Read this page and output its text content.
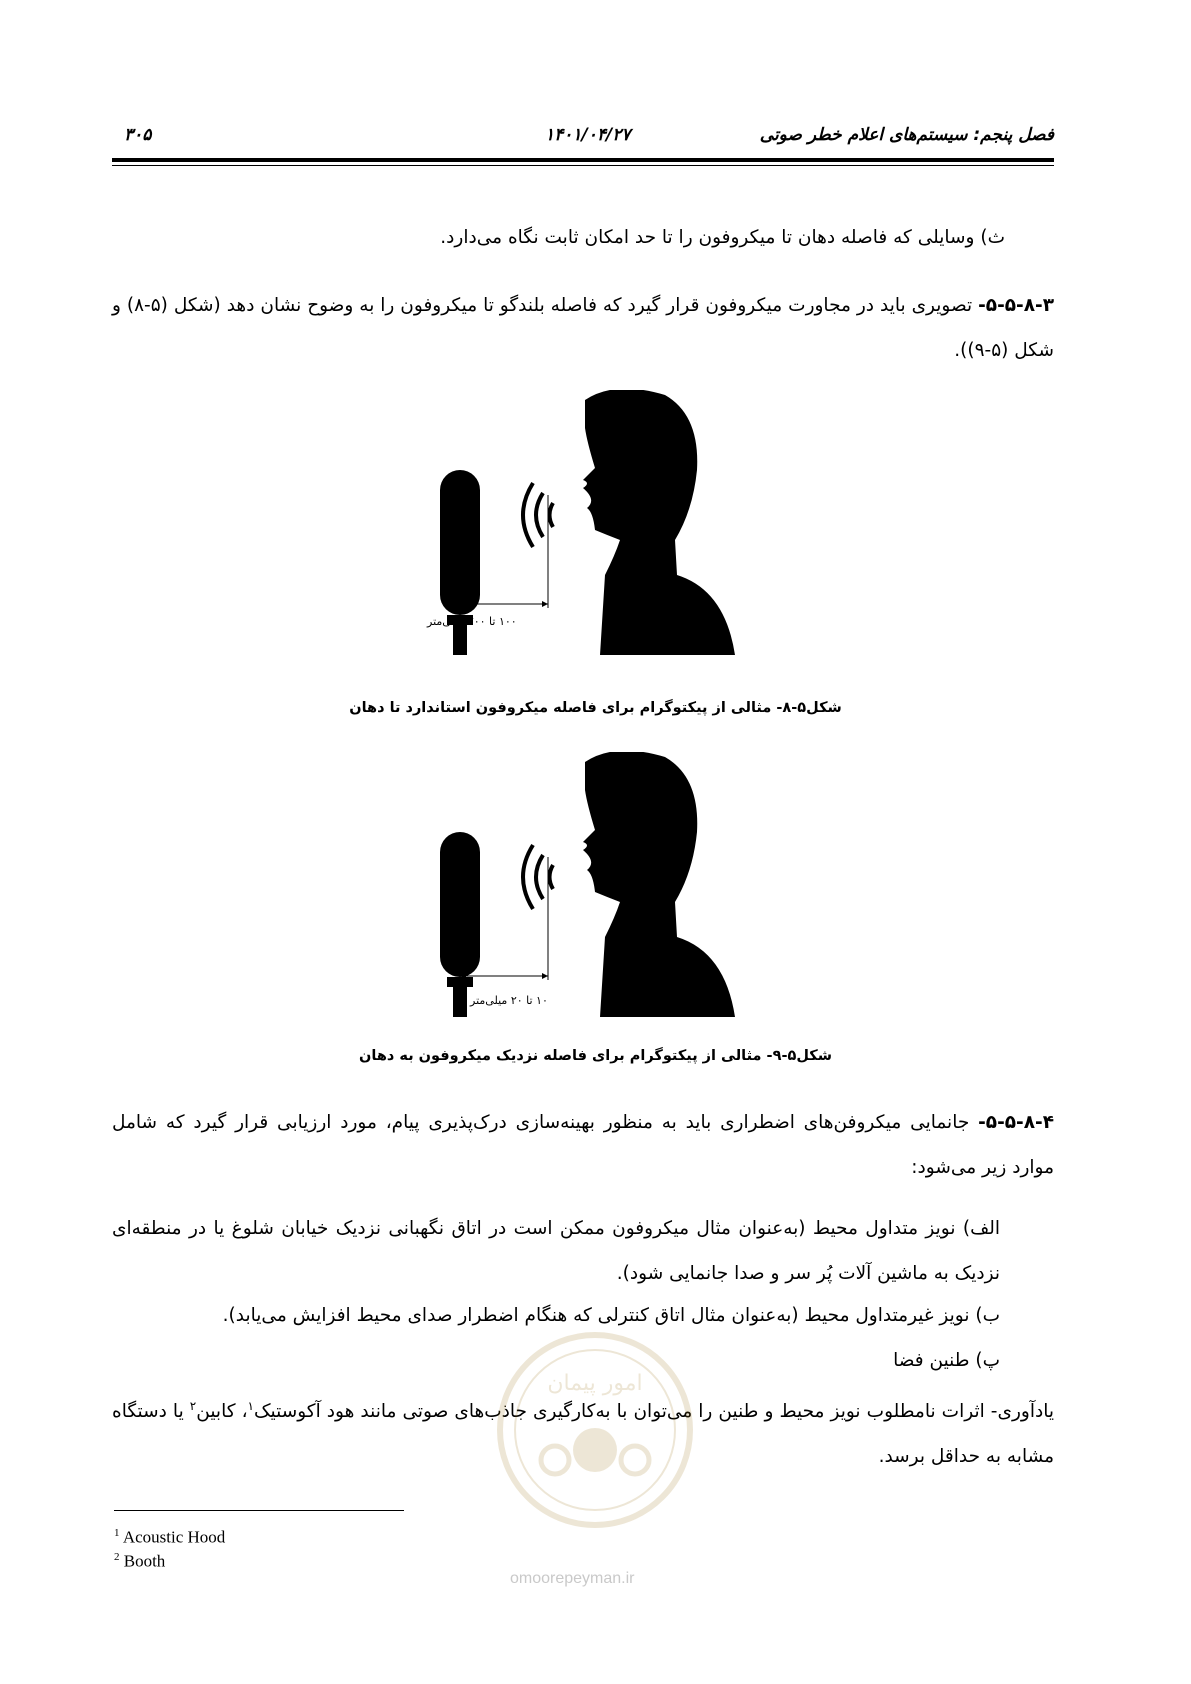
فصل پنجم: سیستم‌های اعلام خطر صوتی
۱۴۰۱/۰۴/۲۷
۳۰۵
ث) وسایلی که فاصله دهان تا میکروفون را تا حد امکان ثابت نگاه می‌دارد.
۵-۵-۸-۳- تصویری باید در مجاورت میکروفون قرار گیرد که فاصله بلندگو تا میکروفون را به وضوح نشان دهد (شکل (۵-۸) و شکل (۵-۹)).
۱۰۰ تا ۲۰۰ میلی‌متر
شکل۵-۸- مثالی از پیکتوگرام برای فاصله میکروفون استاندارد تا دهان
۱۰ تا ۲۰ میلی‌متر
شکل۵-۹- مثالی از پیکتوگرام برای فاصله نزدیک میکروفون به دهان
۵-۵-۸-۴- جانمایی میکروفن‌های اضطراری باید به منظور بهینه‌سازی درک‌پذیری پیام، مورد ارزیابی قرار گیرد که شامل موارد زیر می‌شود:
الف) نویز متداول محیط (به‌عنوان مثال میکروفون ممکن است در اتاق نگهبانی نزدیک خیابان شلوغ یا در منطقه‌ای نزدیک به ماشین آلات پُر سر و صدا جانمایی شود).
ب) نویز غیرمتداول محیط (به‌عنوان مثال اتاق کنترلی که هنگام اضطرار صدای محیط افزایش می‌یابد).
پ) طنین فضا
یادآوری- اثرات نامطلوب نویز محیط و طنین را می‌توان با به‌کارگیری جاذب‌های صوتی مانند هود آکوستیک$^۱$، کابین$^۲$ یا دستگاه مشابه به حداقل برسد.
امور پیمان
omoorepeyman.ir
$^1$ Acoustic Hood
$^2$ Booth
